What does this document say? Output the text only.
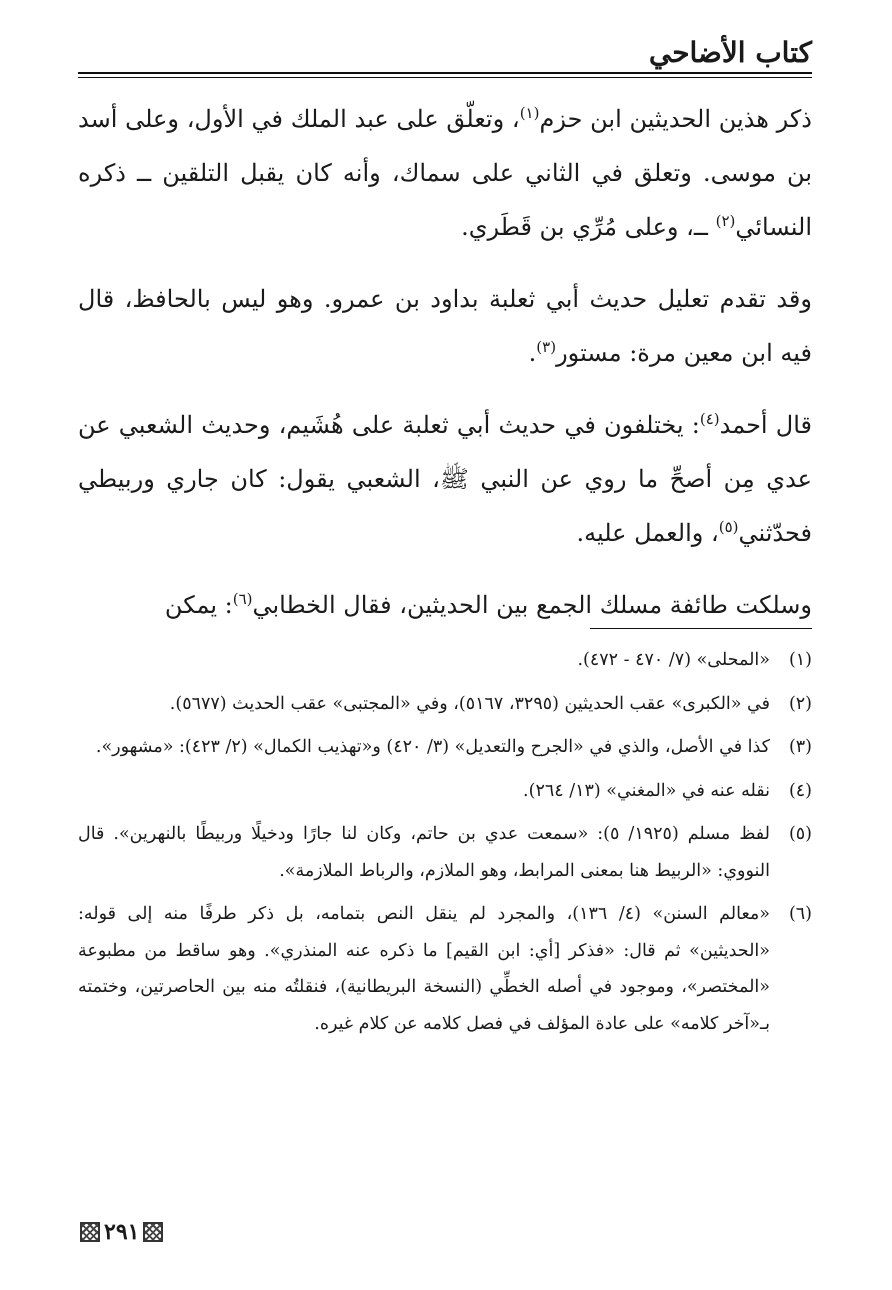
كتاب الأضاحي

ذكر هذين الحديثين ابن حزم$^{(١)}$، وتعلّق على عبد الملك في الأول، وعلى أسد بن موسى. وتعلق في الثاني على سماك، وأنه كان يقبل التلقين ــ ذكره النسائي$^{(٢)}$ ــ، وعلى مُرِّي بن قَطَري.

وقد تقدم تعليل حديث أبي ثعلبة بداود بن عمرو. وهو ليس بالحافظ، قال فيه ابن معين مرة: مستور$^{(٣)}$.

قال أحمد$^{(٤)}$: يختلفون في حديث أبي ثعلبة على هُشَيم، وحديث الشعبي عن عدي مِن أصحِّ ما روي عن النبي ﷺ، الشعبي يقول: كان جاري وربيطي فحدّثني$^{(٥)}$، والعمل عليه.

وسلكت طائفة مسلك الجمع بين الحديثين، فقال الخطابي$^{(٦)}$: يمكن

(١)
«المحلى» (٧/ ٤٧٠ - ٤٧٢).
(٢)
في «الكبرى» عقب الحديثين (٣٢٩٥، ٥١٦٧)، وفي «المجتبى» عقب الحديث (٥٦٧٧).
(٣)
كذا في الأصل، والذي في «الجرح والتعديل» (٣/ ٤٢٠) و«تهذيب الكمال» (٢/ ٤٢٣): «مشهور».
(٤)
نقله عنه في «المغني» (١٣/ ٢٦٤).
(٥)
لفظ مسلم (١٩٢٥/ ٥): «سمعت عدي بن حاتم، وكان لنا جارًا ودخيلًا وربيطًا بالنهرين». قال النووي: «الربيط هنا بمعنى المرابط، وهو الملازم، والرباط الملازمة».
(٦)
«معالم السنن» (٤/ ١٣٦)، والمجرد لم ينقل النص بتمامه، بل ذكر طرفًا منه إلى قوله: «الحديثين» ثم قال: «فذكر [أي: ابن القيم] ما ذكره عنه المنذري». وهو ساقط من مطبوعة «المختصر»، وموجود في أصله الخطِّي (النسخة البريطانية)، فنقلتُه منه بين الحاصرتين، وختمته بـ«آخر كلامه» على عادة المؤلف في فصل كلامه عن كلام غيره.
٢٩١
